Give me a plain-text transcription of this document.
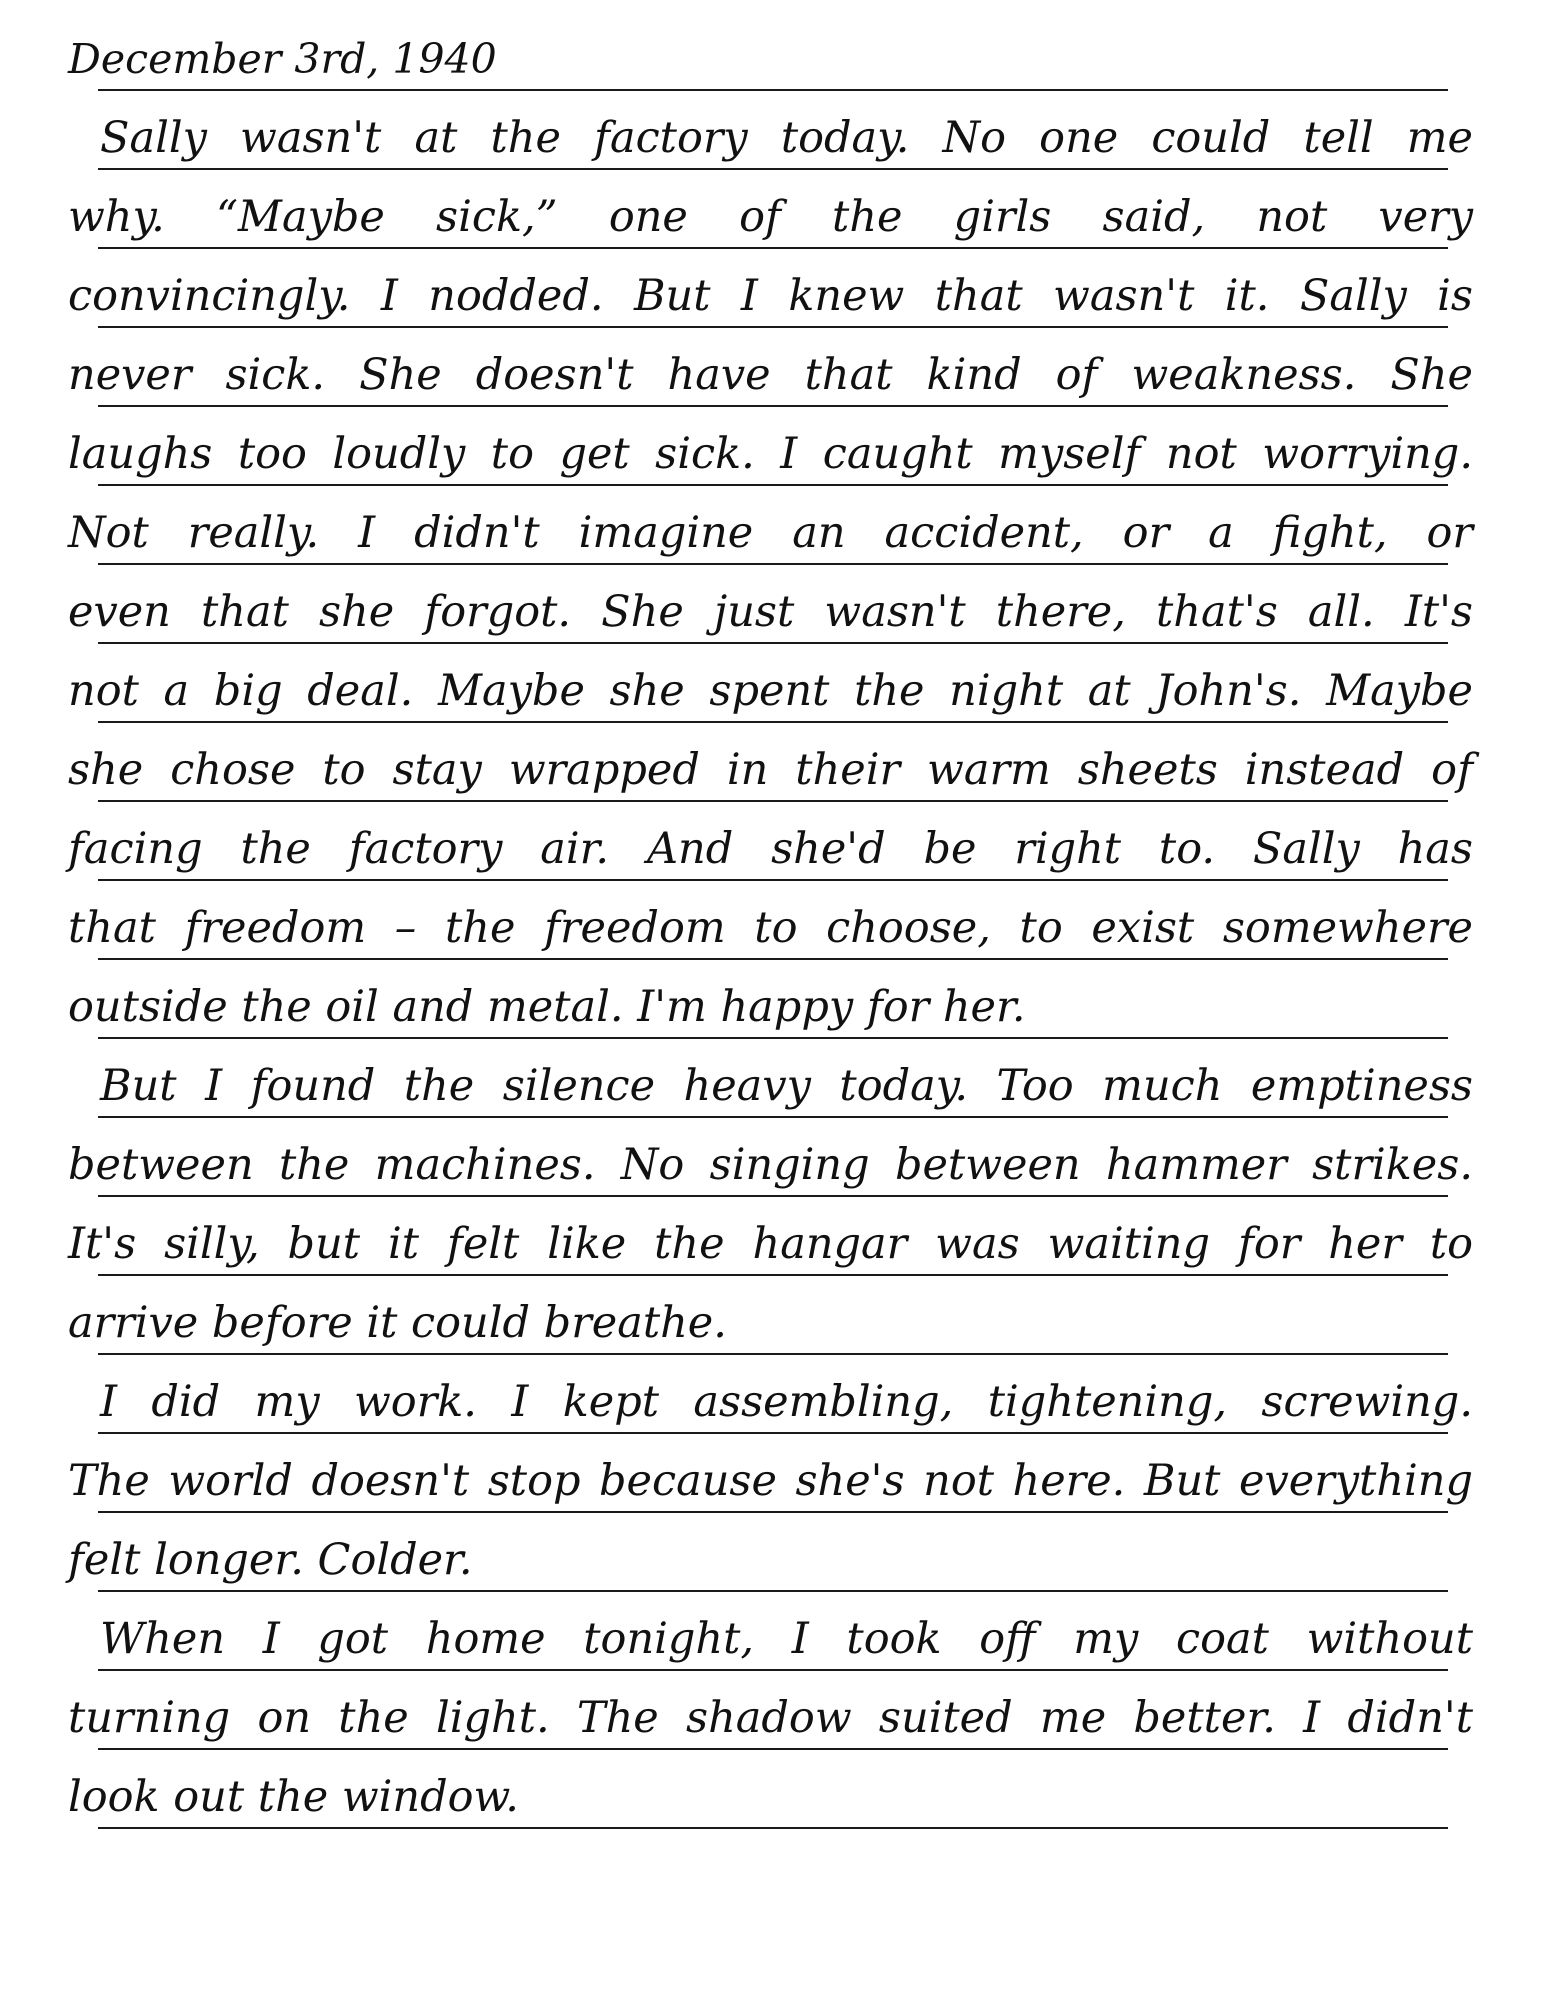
December 3rd, 1940
Sally wasn't at the factory today. No one could tell me
why. “Maybe sick,” one of the girls said, not very
convincingly. I nodded. But I knew that wasn't it. Sally is
never sick. She doesn't have that kind of weakness. She
laughs too loudly to get sick. I caught myself not worrying.
Not really. I didn't imagine an accident, or a fight, or
even that she forgot. She just wasn't there, that's all. It's
not a big deal. Maybe she spent the night at John's. Maybe
she chose to stay wrapped in their warm sheets instead of
facing the factory air. And she'd be right to. Sally has
that freedom – the freedom to choose, to exist somewhere
outside the oil and metal. I'm happy for her.
But I found the silence heavy today. Too much emptiness
between the machines. No singing between hammer strikes.
It's silly, but it felt like the hangar was waiting for her to
arrive before it could breathe.
I did my work. I kept assembling, tightening, screwing.
The world doesn't stop because she's not here. But everything
felt longer. Colder.
When I got home tonight, I took off my coat without
turning on the light. The shadow suited me better. I didn't
look out the window.
